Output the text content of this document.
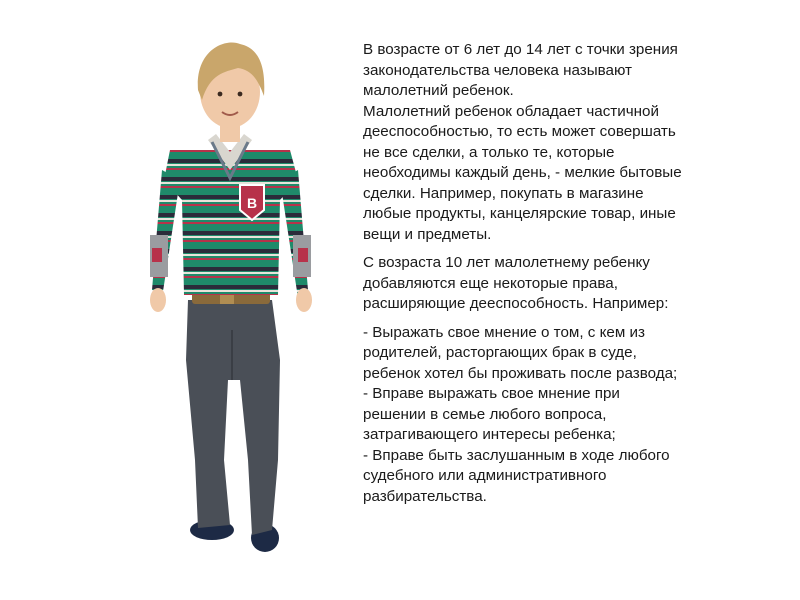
B

В возрасте от 6 лет до 14 лет с точки зрения
законодательства человека называют
малолетний ребенок.
Малолетний ребенок обладает частичной
дееспособностью, то есть может совершать
не все сделки, а только те, которые
необходимы каждый день, - мелкие бытовые
сделки. Например, покупать в магазине
любые продукты, канцелярские товар, иные
вещи и предметы.

С возраста 10 лет малолетнему ребенку
добавляются еще некоторые права,
расширяющие дееспособность. Например:

- Выражать свое мнение о том, с кем из
родителей, расторгающих брак в суде,
ребенок хотел бы проживать после развода;
- Вправе выражать свое мнение при
решении в семье любого вопроса,
затрагивающего интересы ребенка;
- Вправе быть заслушанным в ходе любого
судебного или административного
разбирательства.
